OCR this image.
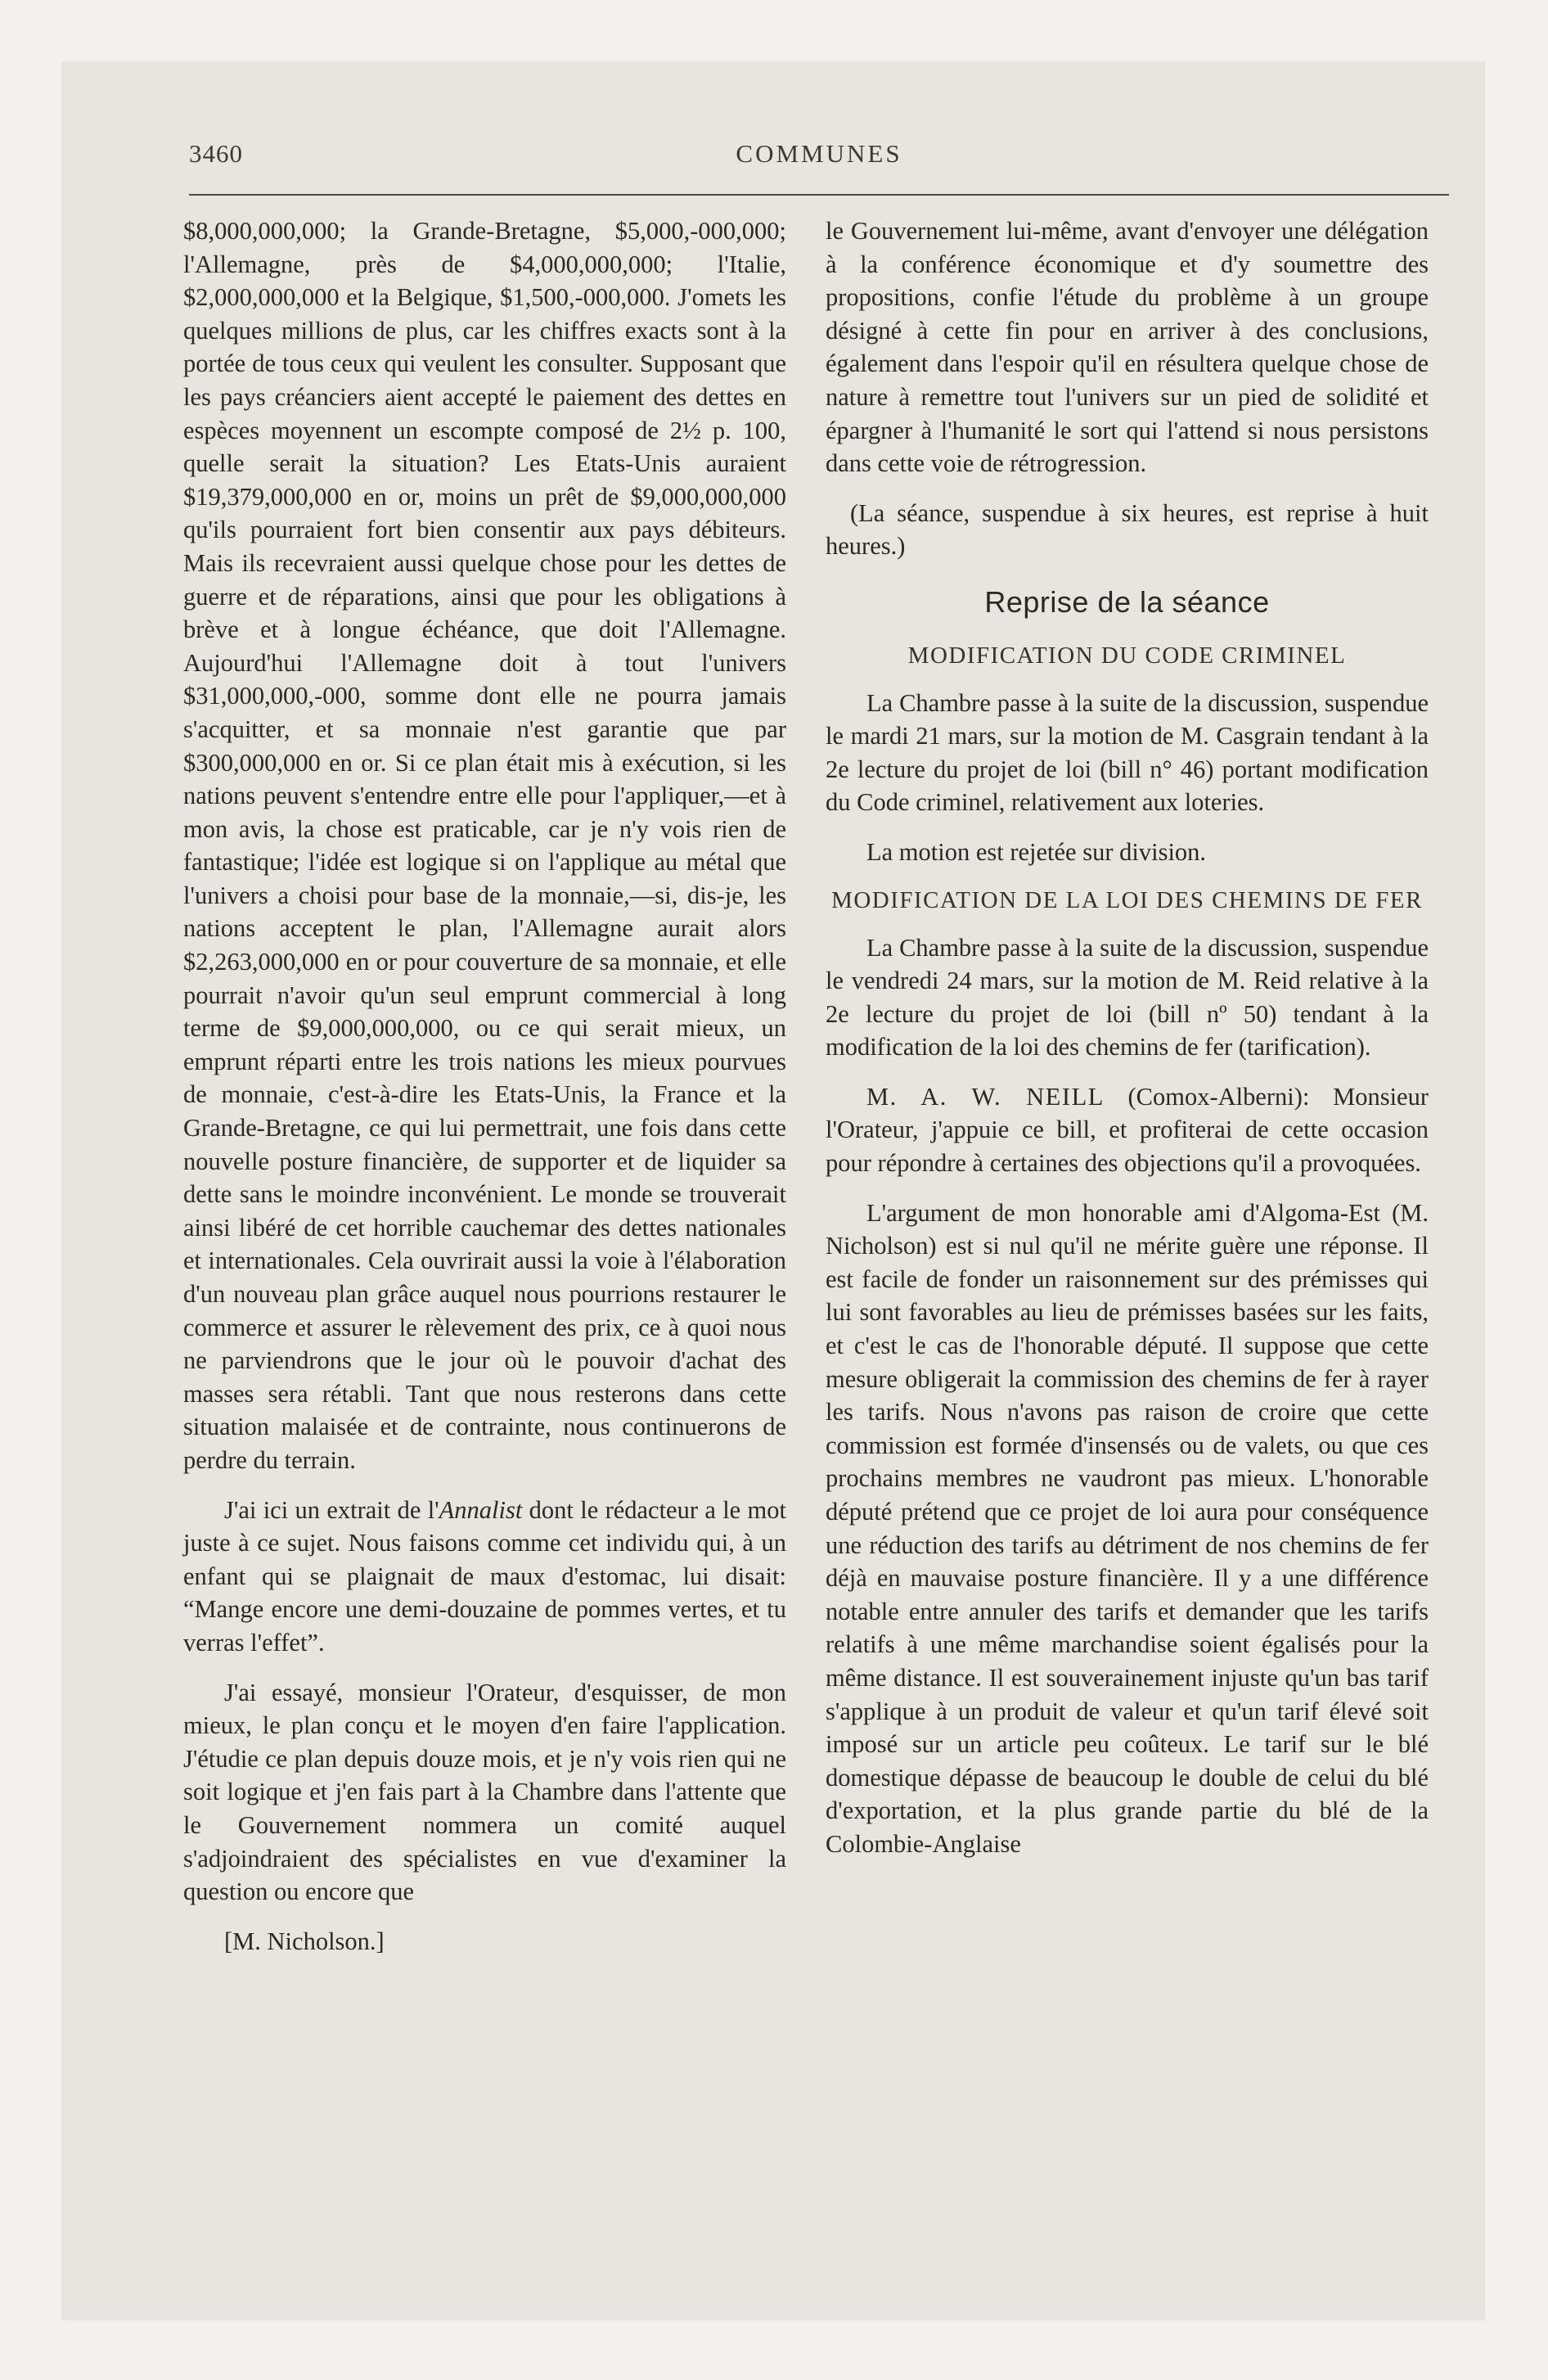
3460	COMMUNES

$8,000,000,000; la Grande-Bretagne, $5,000,-000,000; l'Allemagne, près de $4,000,000,000; l'Italie, $2,000,000,000 et la Belgique, $1,500,-000,000. J'omets les quelques millions de plus, car les chiffres exacts sont à la portée de tous ceux qui veulent les consulter. Supposant que les pays créanciers aient accepté le paiement des dettes en espèces moyennent un escompte composé de 2½ p. 100, quelle serait la situation? Les Etats-Unis auraient $19,379,000,000 en or, moins un prêt de $9,000,000,000 qu'ils pourraient fort bien consentir aux pays débiteurs. Mais ils recevraient aussi quelque chose pour les dettes de guerre et de réparations, ainsi que pour les obligations à brève et à longue échéance, que doit l'Allemagne. Aujourd'hui l'Allemagne doit à tout l'univers $31,000,000,-000, somme dont elle ne pourra jamais s'acquitter, et sa monnaie n'est garantie que par $300,000,000 en or. Si ce plan était mis à exécution, si les nations peuvent s'entendre entre elle pour l'appliquer,—et à mon avis, la chose est praticable, car je n'y vois rien de fantastique; l'idée est logique si on l'applique au métal que l'univers a choisi pour base de la monnaie,—si, dis-je, les nations acceptent le plan, l'Allemagne aurait alors $2,263,000,000 en or pour couverture de sa monnaie, et elle pourrait n'avoir qu'un seul emprunt commercial à long terme de $9,000,000,000, ou ce qui serait mieux, un emprunt réparti entre les trois nations les mieux pourvues de monnaie, c'est-à-dire les Etats-Unis, la France et la Grande-Bretagne, ce qui lui permettrait, une fois dans cette nouvelle posture financière, de supporter et de liquider sa dette sans le moindre inconvénient. Le monde se trouverait ainsi libéré de cet horrible cauchemar des dettes nationales et internationales. Cela ouvrirait aussi la voie à l'élaboration d'un nouveau plan grâce auquel nous pourrions restaurer le commerce et assurer le rèlevement des prix, ce à quoi nous ne parviendrons que le jour où le pouvoir d'achat des masses sera rétabli. Tant que nous resterons dans cette situation malaisée et de contrainte, nous continuerons de perdre du terrain.

J'ai ici un extrait de l'Annalist dont le rédacteur a le mot juste à ce sujet. Nous faisons comme cet individu qui, à un enfant qui se plaignait de maux d'estomac, lui disait: “Mange encore une demi-douzaine de pommes vertes, et tu verras l'effet”.

J'ai essayé, monsieur l'Orateur, d'esquisser, de mon mieux, le plan conçu et le moyen d'en faire l'application. J'étudie ce plan depuis douze mois, et je n'y vois rien qui ne soit logique et j'en fais part à la Chambre dans l'attente que le Gouvernement nommera un comité auquel s'adjoindraient des spécialistes en vue d'examiner la question ou encore que

[M. Nicholson.]

le Gouvernement lui-même, avant d'envoyer une délégation à la conférence économique et d'y soumettre des propositions, confie l'étude du problème à un groupe désigné à cette fin pour en arriver à des conclusions, également dans l'espoir qu'il en résultera quelque chose de nature à remettre tout l'univers sur un pied de solidité et épargner à l'humanité le sort qui l'attend si nous persistons dans cette voie de rétrogression.

(La séance, suspendue à six heures, est reprise à huit heures.)

Reprise de la séance
MODIFICATION DU CODE CRIMINEL

La Chambre passe à la suite de la discussion, suspendue le mardi 21 mars, sur la motion de M. Casgrain tendant à la 2e lecture du projet de loi (bill n° 46) portant modification du Code criminel, relativement aux loteries.

La motion est rejetée sur division.

MODIFICATION DE LA LOI DES CHEMINS DE FER

La Chambre passe à la suite de la discussion, suspendue le vendredi 24 mars, sur la motion de M. Reid relative à la 2e lecture du projet de loi (bill nº 50) tendant à la modification de la loi des chemins de fer (tarification).

M. A. W. NEILL (Comox-Alberni): Monsieur l'Orateur, j'appuie ce bill, et profiterai de cette occasion pour répondre à certaines des objections qu'il a provoquées.

L'argument de mon honorable ami d'Algoma-Est (M. Nicholson) est si nul qu'il ne mérite guère une réponse. Il est facile de fonder un raisonnement sur des prémisses qui lui sont favorables au lieu de prémisses basées sur les faits, et c'est le cas de l'honorable député. Il suppose que cette mesure obligerait la commission des chemins de fer à rayer les tarifs. Nous n'avons pas raison de croire que cette commission est formée d'insensés ou de valets, ou que ces prochains membres ne vaudront pas mieux. L'honorable député prétend que ce projet de loi aura pour conséquence une réduction des tarifs au détriment de nos chemins de fer déjà en mauvaise posture financière. Il y a une différence notable entre annuler des tarifs et demander que les tarifs relatifs à une même marchandise soient égalisés pour la même distance. Il est souverainement injuste qu'un bas tarif s'applique à un produit de valeur et qu'un tarif élevé soit imposé sur un article peu coûteux. Le tarif sur le blé domestique dépasse de beaucoup le double de celui du blé d'exportation, et la plus grande partie du blé de la Colombie-Anglaise
